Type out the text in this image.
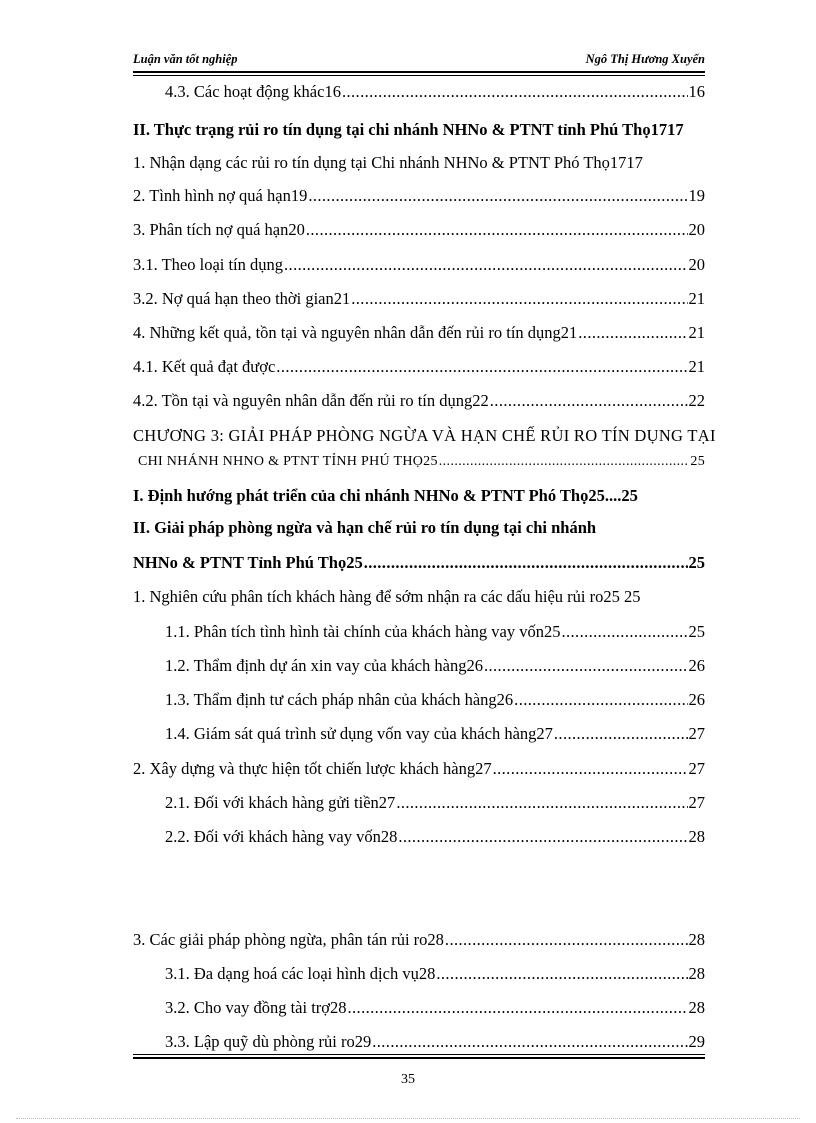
Luận văn tốt nghiệp	Ngô Thị Hương Xuyến
4.3. Các hoạt động khác16 .....	16
II. Thực trạng rủi ro tín dụng tại chi nhánh NHNo & PTNT tỉnh Phú Thọ1717
1. Nhận dạng các rủi ro tín dụng tại Chi nhánh NHNo & PTNT Phó Thọ1717
2. Tình hình nợ quá hạn19 .....	19
3. Phân tích nợ quá hạn20 .....	20
3.1. Theo loại tín dụng .....	20
3.2. Nợ quá hạn theo thời gian21 .....	21
4. Những kết quả, tồn tại và nguyên nhân dẫn đến rủi ro tín dụng21 .....	21
4.1. Kết quả đạt được .....	21
4.2. Tồn tại và nguyên nhân dẫn đến rủi ro tín dụng22 .....	22
CHƯƠNG 3: GIẢI PHÁP PHÒNG NGỪA VÀ HẠN CHẾ RỦI RO TÍN DỤNG TẠI
CHI NHÁNH NHNO & PTNT TỈNH PHÚ THỌ25 .....	25
I. Định hướng phát triển của chi nhánh NHNo & PTNT Phó Thọ25....25
II. Giải pháp phòng ngừa và hạn chế rủi ro tín dụng tại chi nhánh
NHNo & PTNT Tỉnh Phú Thọ25 .....	25
1. Nghiên cứu phân tích khách hàng để sớm nhận ra các dấu hiệu rủi ro25 25
1.1. Phân tích tình hình tài chính của khách hàng vay vốn25 .....	25
1.2. Thẩm định dự án xin vay của khách hàng26 .....	26
1.3. Thẩm định tư cách pháp nhân của khách hàng26 .....	26
1.4. Giám sát quá trình sử dụng vốn vay của khách hàng27 .....	27
2. Xây dựng và thực hiện tốt chiến lược khách hàng27 .....	27
2.1. Đối với khách hàng gửi tiền27 .....	27
2.2. Đối với khách hàng vay vốn28 .....	28
3. Các giải pháp phòng ngừa, phân tán rủi ro28 .....	28
3.1. Đa dạng hoá các loại hình dịch vụ28 .....	28
3.2. Cho vay đồng tài trợ28 .....	28
3.3. Lập quỹ dù phòng rủi ro29 .....	29
35
